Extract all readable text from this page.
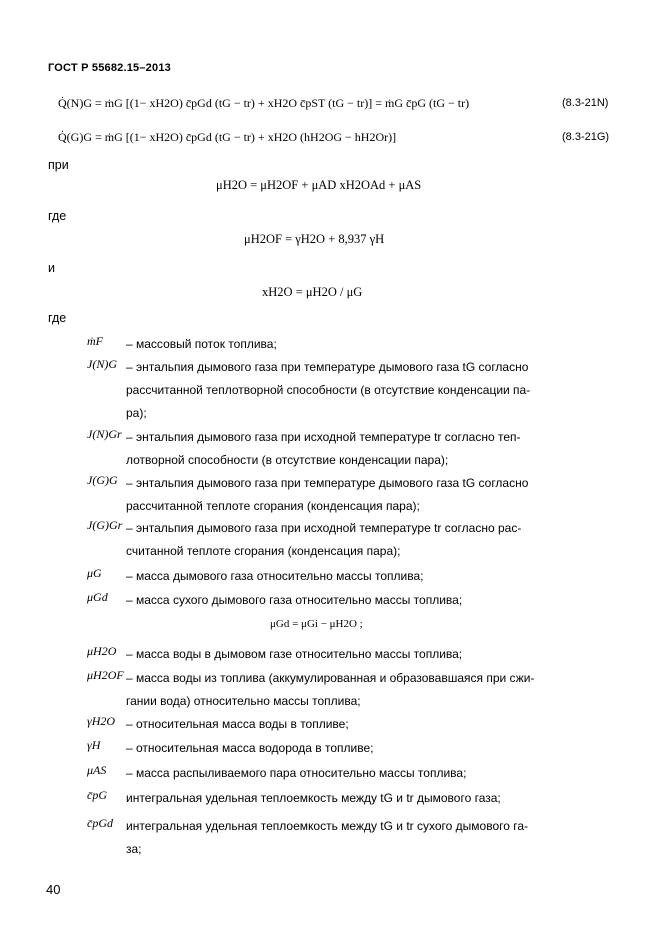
ГОСТ Р 55682.15–2013
Q̇(N)G = ṁG [(1− xH2O) c̄pGd (tG − tr) + xH2O c̄pST (tG − tr)] = ṁG c̄pG (tG − tr)	(8.3-21N)
Q̇(G)G = ṁG [(1− xH2O) c̄pGd (tG − tr) + xH2O (hH2OG − hH2Or)]	(8.3-21G)
при
μH2O = μH2OF + μAD xH2OAd + μAS
где
μH2OF = γH2O + 8,937 γH
и
xH2O = μH2O / μG
где
ṁF – массовый поток топлива;
J(N)G – энтальпия дымового газа при температуре дымового газа tG согласно
рассчитанной теплотворной способности (в отсутствие конденсации па-
ра);
J(N)Gr – энтальпия дымового газа при исходной температуре tr согласно теп-
лотворной способности (в отсутствие конденсации пара);
J(G)G – энтальпия дымового газа при температуре дымового газа tG согласно
рассчитанной теплоте сгорания (конденсация пара);
J(G)Gr – энтальпия дымового газа при исходной температуре tr согласно рас-
считанной теплоте сгорания (конденсация пара);
μG – масса дымового газа относительно массы топлива;
μGd – масса сухого дымового газа относительно массы топлива;
μH2O – масса воды в дымовом газе относительно массы топлива;
μH2OF – масса воды из топлива (аккумулированная и образовавшаяся при сжи-
гании вода) относительно массы топлива;
γH2O – относительная масса воды в топливе;
γH – относительная масса водорода в топливе;
μAS – масса распыливаемого пара относительно массы топлива;
c̄pG интегральная удельная теплоемкость между tG и tr дымового газа;
c̄pGd интегральная удельная теплоемкость между tG и tr сухого дымового га-
за;
μGd = μGi − μH2O ;
40
